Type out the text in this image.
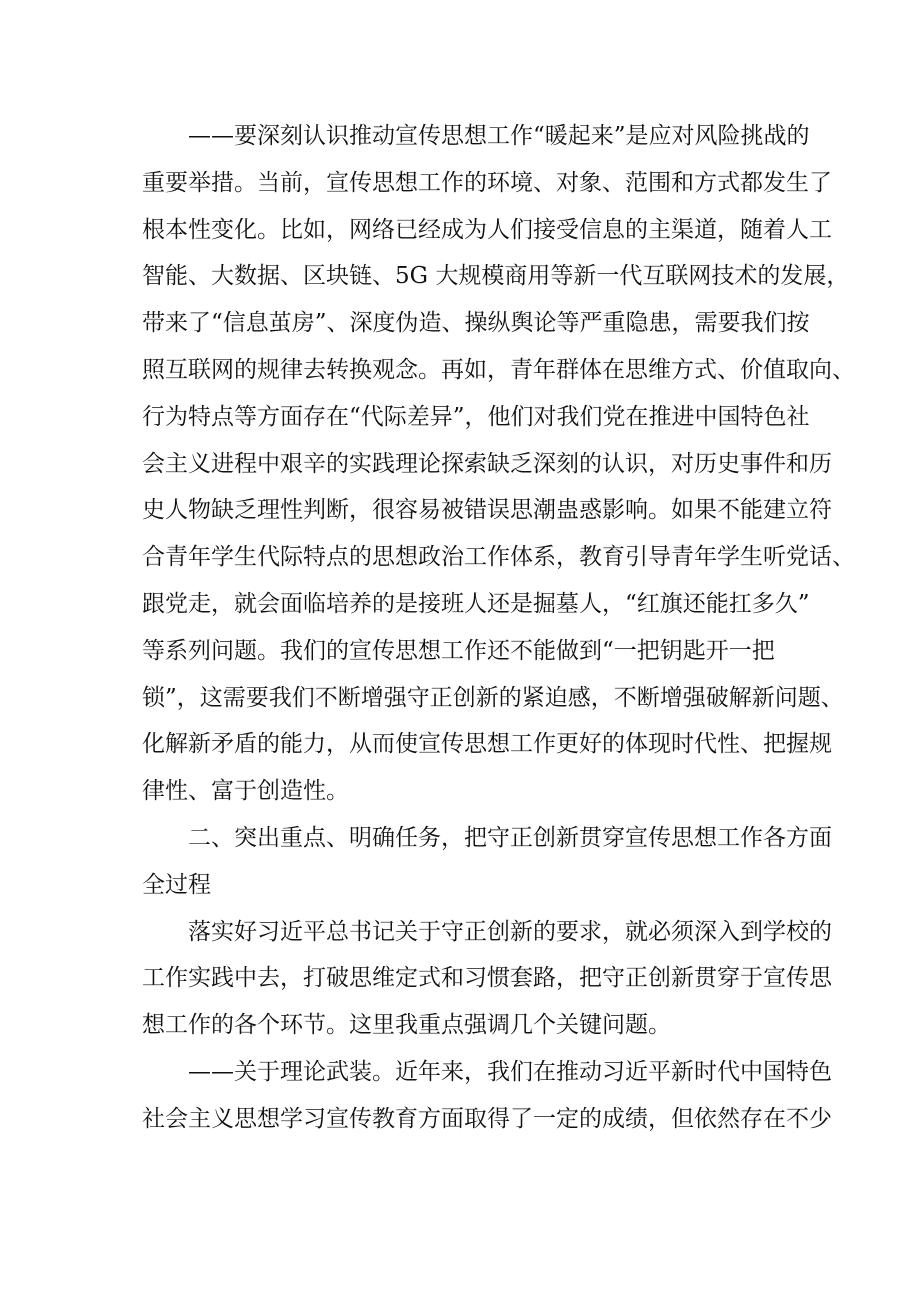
　　——要深刻认识推动宣传思想工作“暖起来”是应对风险挑战的
重要举措。当前，宣传思想工作的环境、对象、范围和方式都发生了
根本性变化。比如，网络已经成为人们接受信息的主渠道，随着人工
智能、大数据、区块链、5G 大规模商用等新一代互联网技术的发展，
带来了“信息茧房”、深度伪造、操纵舆论等严重隐患，需要我们按
照互联网的规律去转换观念。再如，青年群体在思维方式、价值取向、
行为特点等方面存在“代际差异”，他们对我们党在推进中国特色社
会主义进程中艰辛的实践理论探索缺乏深刻的认识，对历史事件和历
史人物缺乏理性判断，很容易被错误思潮蛊惑影响。如果不能建立符
合青年学生代际特点的思想政治工作体系，教育引导青年学生听党话、
跟党走，就会面临培养的是接班人还是掘墓人，“红旗还能扛多久”
等系列问题。我们的宣传思想工作还不能做到“一把钥匙开一把
锁”，这需要我们不断增强守正创新的紧迫感，不断增强破解新问题、
化解新矛盾的能力，从而使宣传思想工作更好的体现时代性、把握规
律性、富于创造性。
　　二、突出重点、明确任务，把守正创新贯穿宣传思想工作各方面
全过程
　　落实好习近平总书记关于守正创新的要求，就必须深入到学校的
工作实践中去，打破思维定式和习惯套路，把守正创新贯穿于宣传思
想工作的各个环节。这里我重点强调几个关键问题。
　　——关于理论武装。近年来，我们在推动习近平新时代中国特色
社会主义思想学习宣传教育方面取得了一定的成绩，但依然存在不少
